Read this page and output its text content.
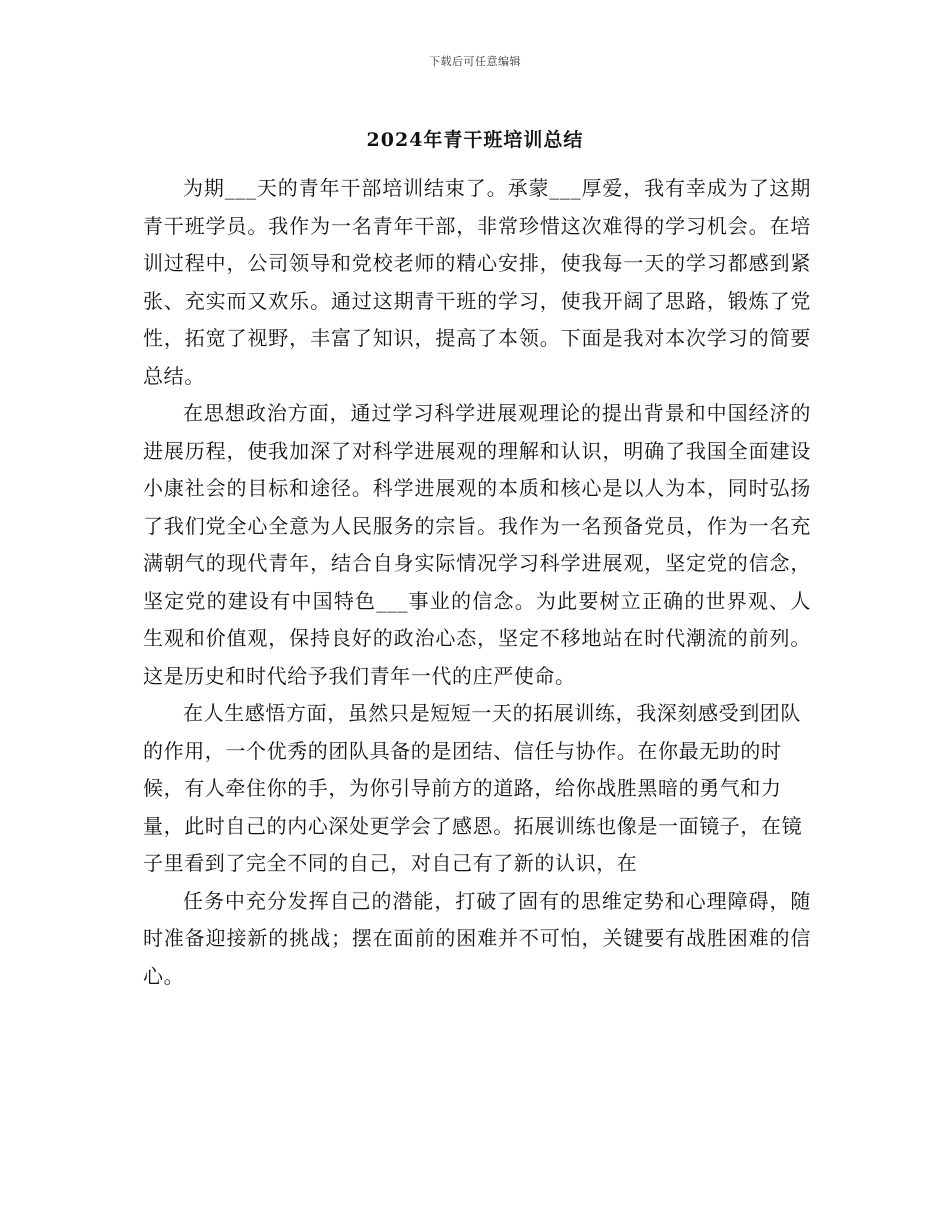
下载后可任意编辑
2024年青干班培训总结

为期___天的青年干部培训结束了。承蒙___厚爱，我有幸成为了这期青干班学员。我作为一名青年干部，非常珍惜这次难得的学习机会。在培训过程中，公司领导和党校老师的精心安排，使我每一天的学习都感到紧张、充实而又欢乐。通过这期青干班的学习，使我开阔了思路，锻炼了党性，拓宽了视野，丰富了知识，提高了本领。下面是我对本次学习的简要总结。

在思想政治方面，通过学习科学进展观理论的提出背景和中国经济的进展历程，使我加深了对科学进展观的理解和认识，明确了我国全面建设小康社会的目标和途径。科学进展观的本质和核心是以人为本，同时弘扬了我们党全心全意为人民服务的宗旨。我作为一名预备党员，作为一名充满朝气的现代青年，结合自身实际情况学习科学进展观，坚定党的信念，坚定党的建设有中国特色___事业的信念。为此要树立正确的世界观、人生观和价值观，保持良好的政治心态，坚定不移地站在时代潮流的前列。这是历史和时代给予我们青年一代的庄严使命。

在人生感悟方面，虽然只是短短一天的拓展训练，我深刻感受到团队的作用，一个优秀的团队具备的是团结、信任与协作。在你最无助的时候，有人牵住你的手，为你引导前方的道路，给你战胜黑暗的勇气和力量，此时自己的内心深处更学会了感恩。拓展训练也像是一面镜子，在镜子里看到了完全不同的自己，对自己有了新的认识，在

任务中充分发挥自己的潜能，打破了固有的思维定势和心理障碍，随时准备迎接新的挑战；摆在面前的困难并不可怕，关键要有战胜困难的信心。
